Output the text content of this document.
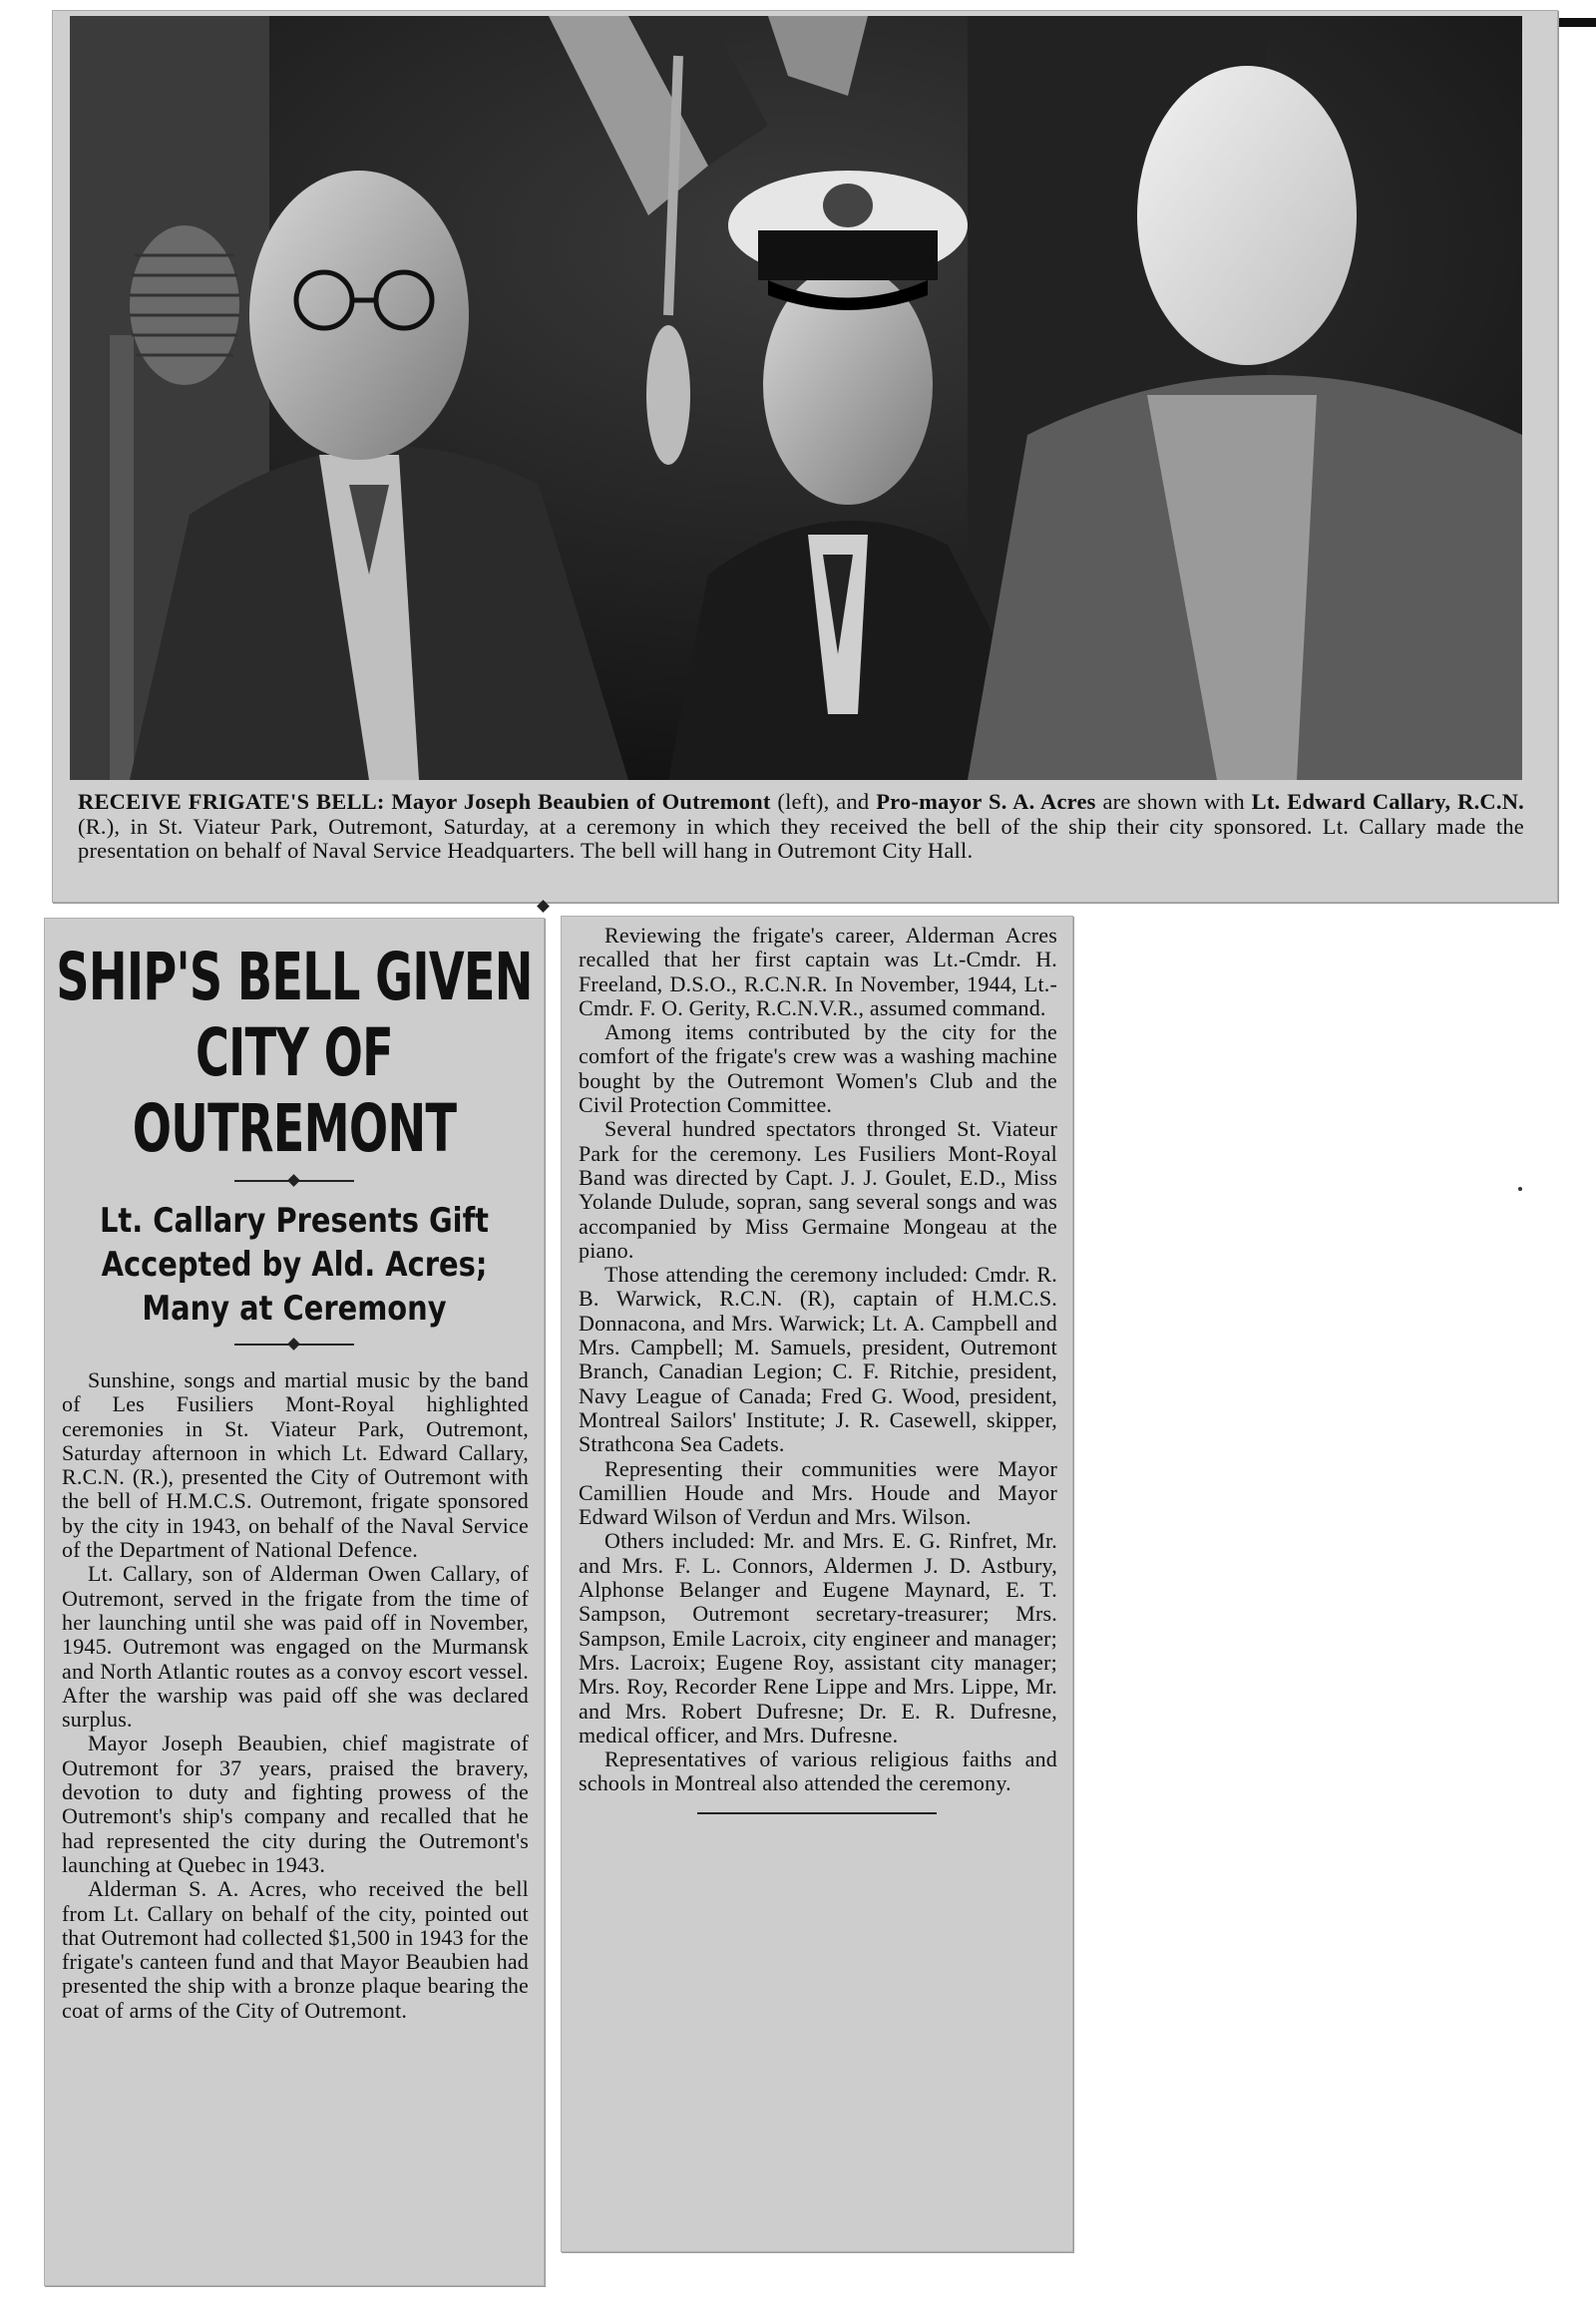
RECEIVE FRIGATE'S BELL: Mayor Joseph Beaubien of Outremont (left), and Pro-mayor S. A. Acres are shown with Lt. Edward Callary, R.C.N. (R.), in St. Viateur Park, Outremont, Saturday, at a ceremony in which they received the bell of the ship their city sponsored. Lt. Callary made the presentation on behalf of Naval Service Headquarters. The bell will hang in Outremont City Hall.
SHIP'S BELL GIVEN
CITY OF OUTREMONT
Lt. Callary Presents Gift Accepted by Ald. Acres; Many at Ceremony

Sunshine, songs and martial music by the band of Les Fusiliers Mont-Royal highlighted ceremonies in St. Viateur Park, Outremont, Saturday afternoon in which Lt. Edward Callary, R.C.N. (R.), presented the City of Outremont with the bell of H.M.C.S. Outremont, frigate sponsored by the city in 1943, on behalf of the Naval Service of the Department of National Defence.

Lt. Callary, son of Alderman Owen Callary, of Outremont, served in the frigate from the time of her launching until she was paid off in November, 1945. Outremont was engaged on the Murmansk and North Atlantic routes as a convoy escort vessel. After the warship was paid off she was declared surplus.

Mayor Joseph Beaubien, chief magistrate of Outremont for 37 years, praised the bravery, devotion to duty and fighting prowess of the Outremont's ship's company and recalled that he had represented the city during the Outremont's launching at Quebec in 1943.

Alderman S. A. Acres, who received the bell from Lt. Callary on behalf of the city, pointed out that Outremont had collected $1,500 in 1943 for the frigate's canteen fund and that Mayor Beaubien had presented the ship with a bronze plaque bearing the coat of arms of the City of Outremont.

Reviewing the frigate's career, Alderman Acres recalled that her first captain was Lt.-Cmdr. H. Freeland, D.S.O., R.C.N.R. In November, 1944, Lt.-Cmdr. F. O. Gerity, R.C.N.V.R., assumed command.

Among items contributed by the city for the comfort of the frigate's crew was a washing machine bought by the Outremont Women's Club and the Civil Protection Committee.

Several hundred spectators thronged St. Viateur Park for the ceremony. Les Fusiliers Mont-Royal Band was directed by Capt. J. J. Goulet, E.D., Miss Yolande Dulude, sopran, sang several songs and was accompanied by Miss Germaine Mongeau at the piano.

Those attending the ceremony included: Cmdr. R. B. Warwick, R.C.N. (R), captain of H.M.C.S. Donnacona, and Mrs. Warwick; Lt. A. Campbell and Mrs. Campbell; M. Samuels, president, Outremont Branch, Canadian Legion; C. F. Ritchie, president, Navy League of Canada; Fred G. Wood, president, Montreal Sailors' Institute; J. R. Casewell, skipper, Strathcona Sea Cadets.

Representing their communities were Mayor Camillien Houde and Mrs. Houde and Mayor Edward Wilson of Verdun and Mrs. Wilson.

Others included: Mr. and Mrs. E. G. Rinfret, Mr. and Mrs. F. L. Connors, Aldermen J. D. Astbury, Alphonse Belanger and Eugene Maynard, E. T. Sampson, Outremont secretary-treasurer; Mrs. Sampson, Emile Lacroix, city engineer and manager; Mrs. Lacroix; Eugene Roy, assistant city manager; Mrs. Roy, Recorder Rene Lippe and Mrs. Lippe, Mr. and Mrs. Robert Dufresne; Dr. E. R. Dufresne, medical officer, and Mrs. Dufresne.

Representatives of various religious faiths and schools in Montreal also attended the ceremony.
